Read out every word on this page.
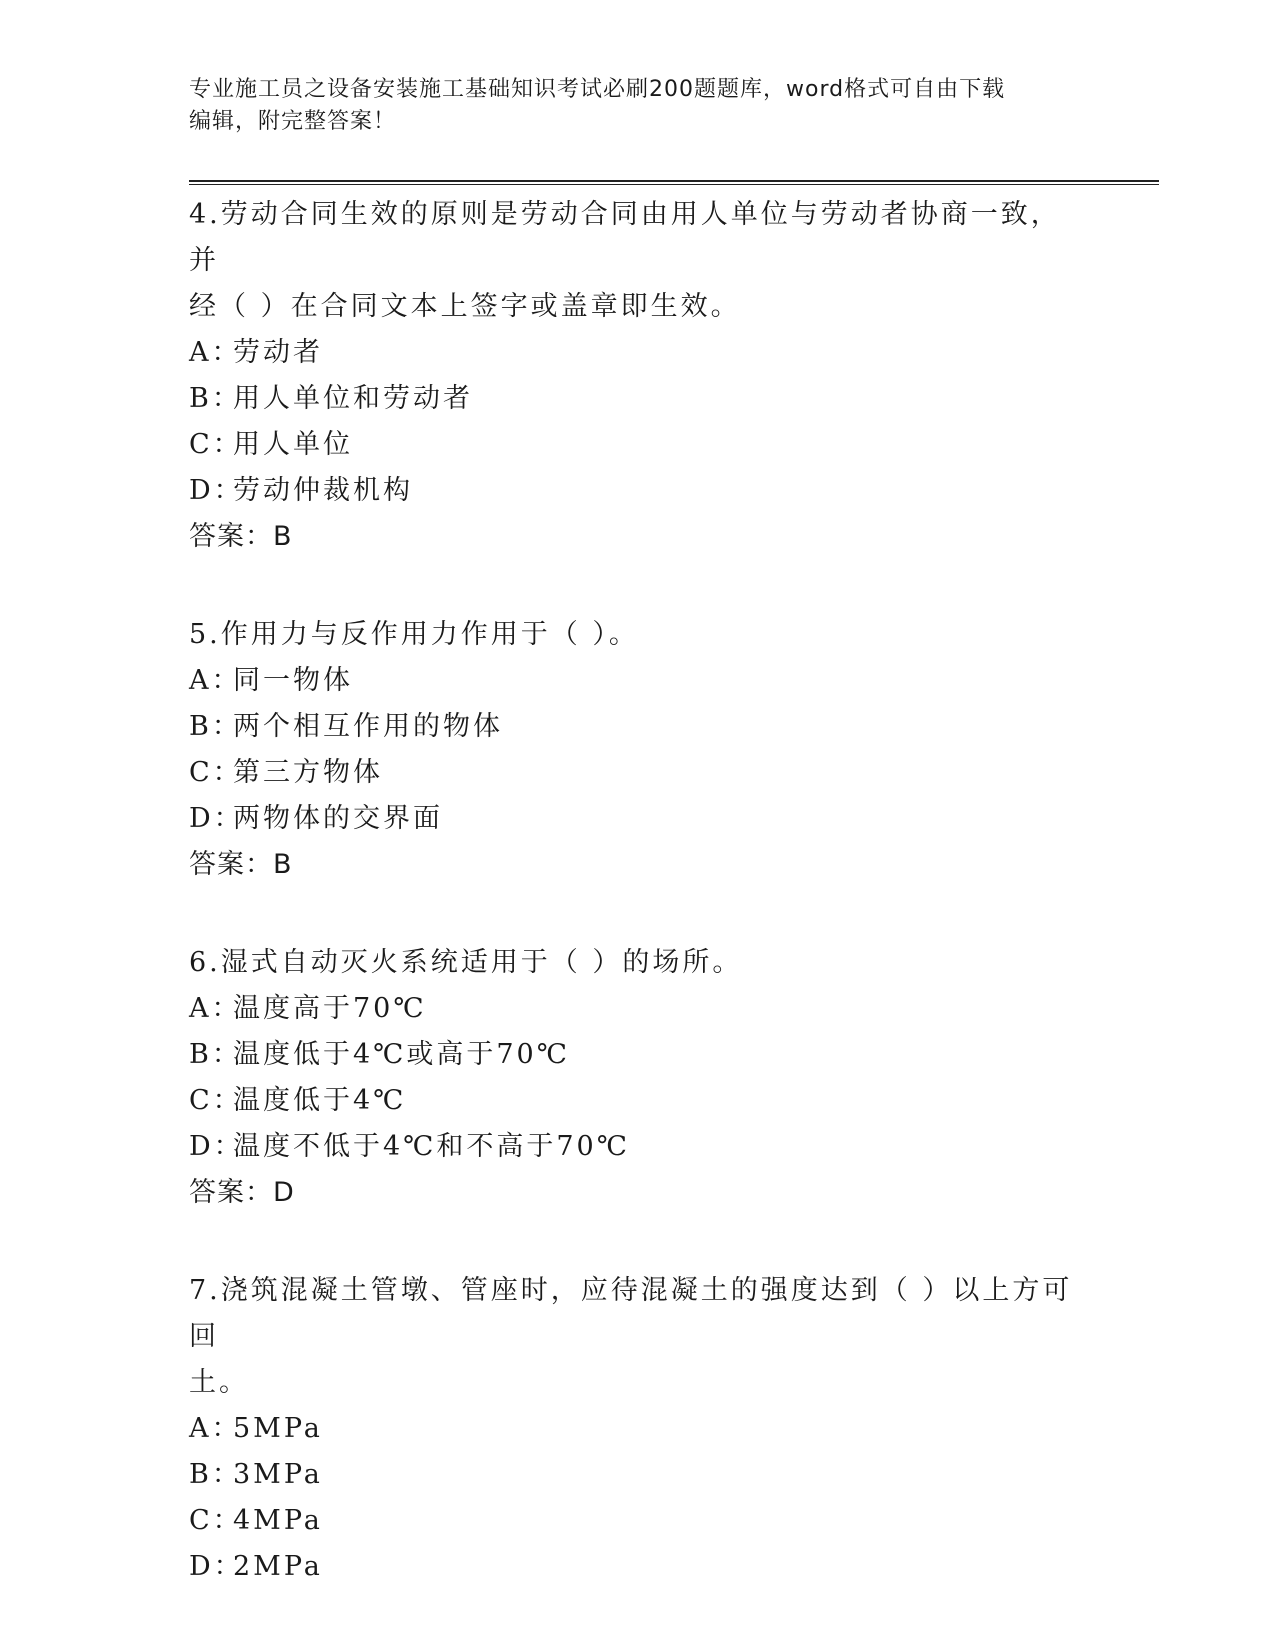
专业施工员之设备安装施工基础知识考试必刷200题题库，word格式可自由下载
编辑，附完整答案！

4.劳动合同生效的原则是劳动合同由用人单位与劳动者协商一致，并
经（ ）在合同文本上签字或盖章即生效。

A：劳动者

B：用人单位和劳动者

C：用人单位

D：劳动仲裁机构

答案：B

5.作用力与反作用力作用于（ ）。

A：同一物体

B：两个相互作用的物体

C：第三方物体

D：两物体的交界面

答案：B

6.湿式自动灭火系统适用于（ ）的场所。

A：温度高于70℃

B：温度低于4℃或高于70℃

C：温度低于4℃

D：温度不低于4℃和不高于70℃

答案：D

7.浇筑混凝土管墩、管座时，应待混凝土的强度达到（ ）以上方可回
土。

A：5MPa

B：3MPa

C：4MPa

D：2MPa
